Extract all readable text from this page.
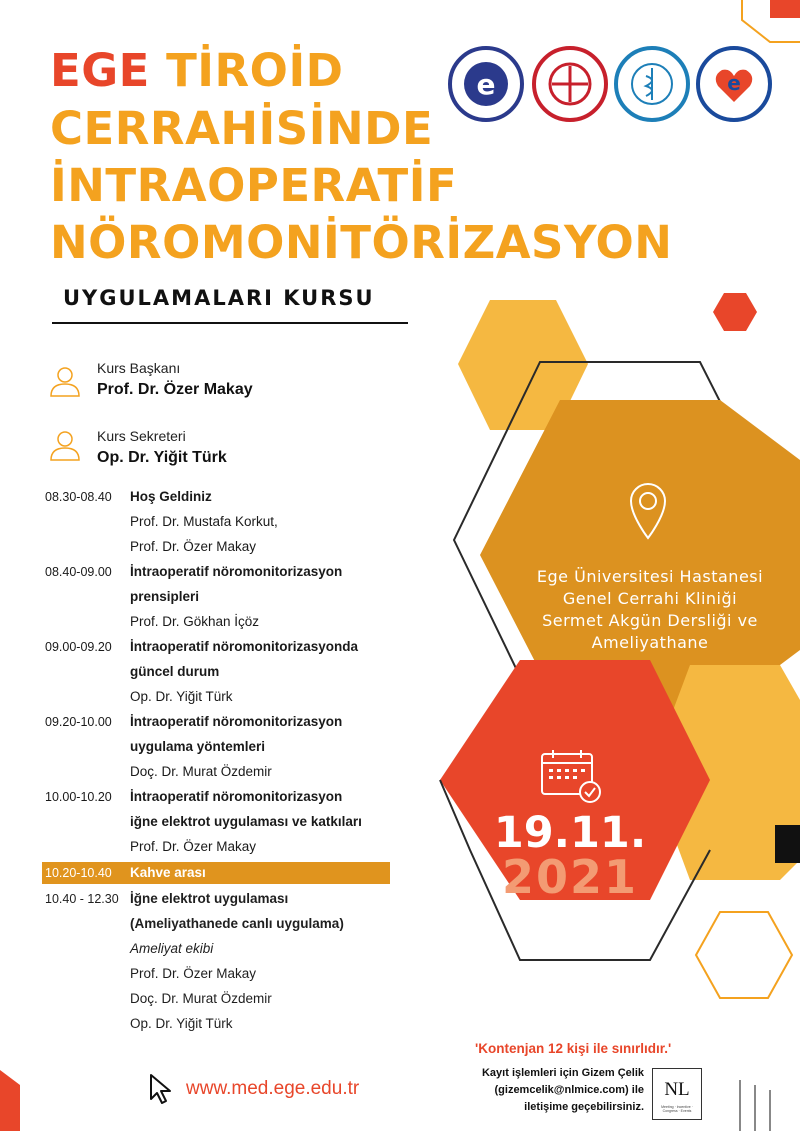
EGE TİROİD
CERRAHİSİNDE
İNTRAOPERATİF
NÖROMONİTÖRİZASYON
UYGULAMALARI KURSU
e	e
Kurs Başkanı
Prof. Dr. Özer Makay
Kurs Sekreteri
Op. Dr. Yiğit Türk
08.30-08.40 Hoş Geldiniz
Prof. Dr. Mustafa Korkut,
Prof. Dr. Özer Makay
08.40-09.00 İntraoperatif nöromonitorizasyon
prensipleri
Prof. Dr. Gökhan İçöz
09.00-09.20 İntraoperatif nöromonitorizasyonda
güncel durum
Op. Dr. Yiğit Türk
09.20-10.00 İntraoperatif nöromonitorizasyon
uygulama yöntemleri
Doç. Dr. Murat Özdemir
10.00-10.20 İntraoperatif nöromonitorizasyon
iğne elektrot uygulaması ve katkıları
Prof. Dr. Özer Makay
10.20-10.40 Kahve arası
10.40 - 12.30 İğne elektrot uygulaması
(Ameliyathanede canlı uygulama)
Ameliyat ekibi
Prof. Dr. Özer Makay
Doç. Dr. Murat Özdemir
Op. Dr. Yiğit Türk
Ege Üniversitesi Hastanesi
Genel Cerrahi Kliniği
Sermet Akgün Dersliği ve
Ameliyathane
19.11.
2021
www.med.ege.edu.tr
'Kontenjan 12 kişi ile sınırlıdır.'
Kayıt işlemleri için Gizem Çelik
(gizemcelik@nlmice.com) ile
iletişime geçebilirsiniz.
NL
Meeting · Incentive · Congress · Events
